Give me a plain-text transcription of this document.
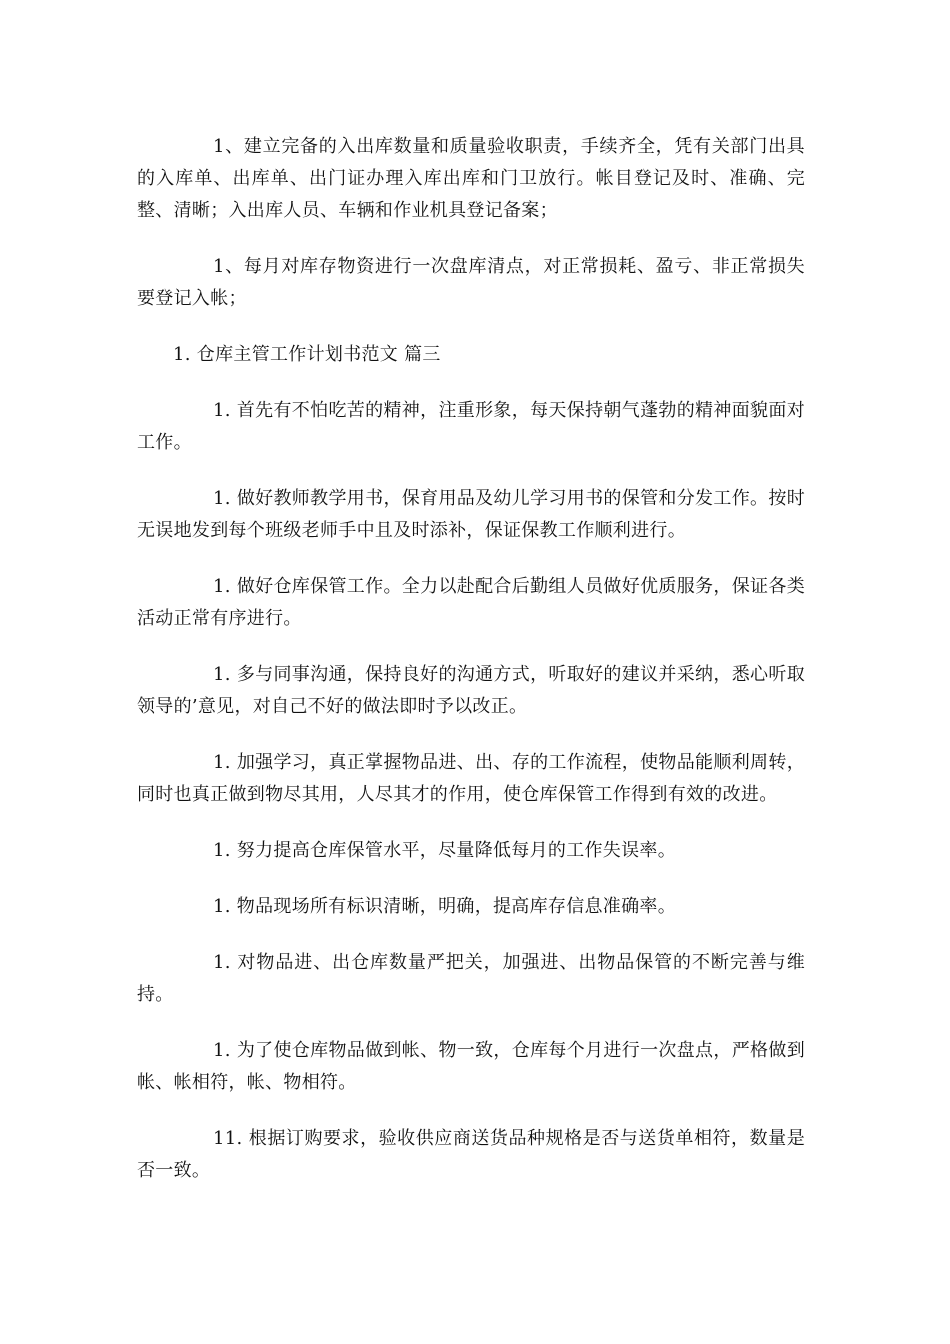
1、建立完备的入出库数量和质量验收职责，手续齐全，凭有关部门出具的入库单、出库单、出门证办理入库出库和门卫放行。帐目登记及时、准确、完整、清晰；入出库人员、车辆和作业机具登记备案；

1、每月对库存物资进行一次盘库清点，对正常损耗、盈亏、非正常损失要登记入帐；

1. 仓库主管工作计划书范文 篇三

1. 首先有不怕吃苦的精神，注重形象，每天保持朝气蓬勃的精神面貌面对工作。

1. 做好教师教学用书，保育用品及幼儿学习用书的保管和分发工作。按时无误地发到每个班级老师手中且及时添补，保证保教工作顺利进行。

1. 做好仓库保管工作。全力以赴配合后勤组人员做好优质服务，保证各类活动正常有序进行。

1. 多与同事沟通，保持良好的沟通方式，听取好的建议并采纳，悉心听取领导的’意见，对自己不好的做法即时予以改正。

1. 加强学习，真正掌握物品进、出、存的工作流程，使物品能顺利周转，同时也真正做到物尽其用，人尽其才的作用，使仓库保管工作得到有效的改进。

1. 努力提高仓库保管水平，尽量降低每月的工作失误率。

1. 物品现场所有标识清晰，明确，提高库存信息准确率。

1. 对物品进、出仓库数量严把关，加强进、出物品保管的不断完善与维持。

1. 为了使仓库物品做到帐、物一致，仓库每个月进行一次盘点，严格做到帐、帐相符，帐、物相符。

11. 根据订购要求，验收供应商送货品种规格是否与送货单相符，数量是否一致。
